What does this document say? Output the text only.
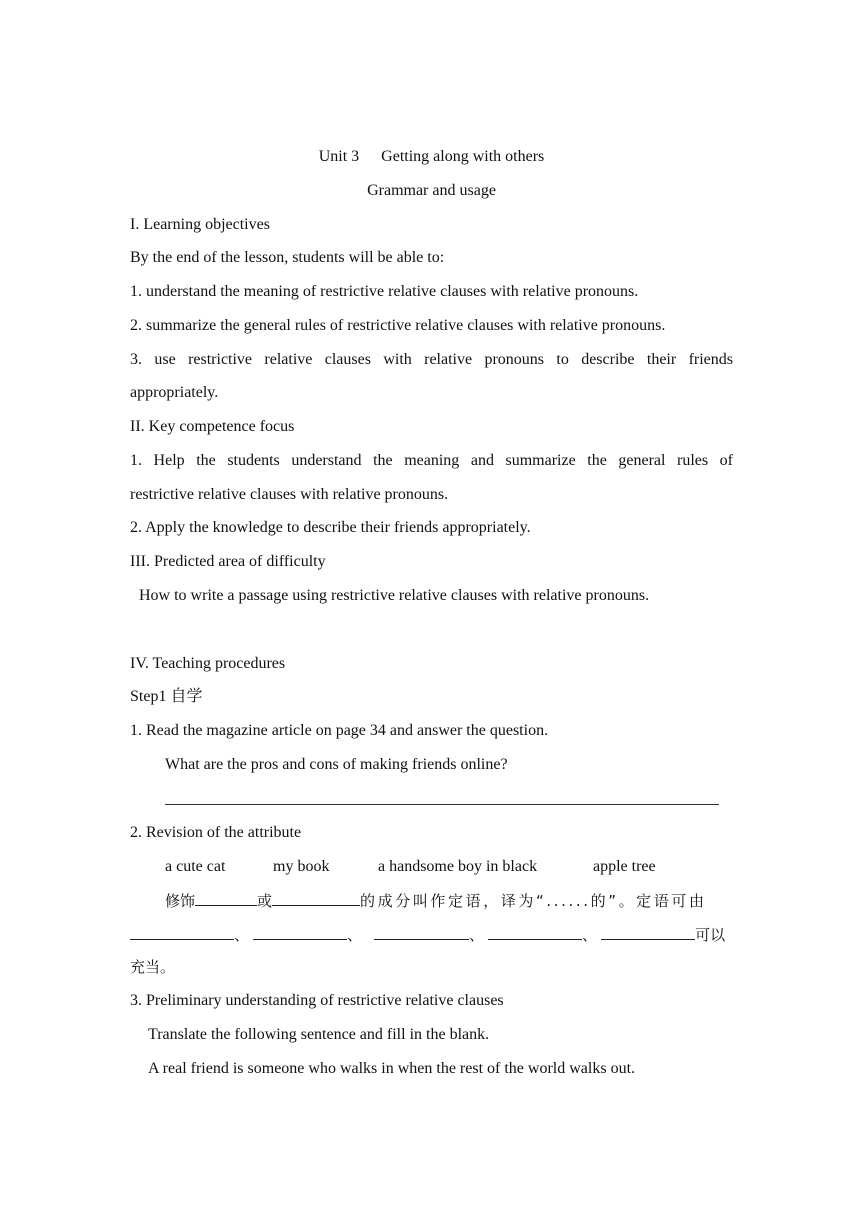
Unit 3 Getting along with others
Grammar and usage
I. Learning objectives
By the end of the lesson, students will be able to:
1. understand the meaning of restrictive relative clauses with relative pronouns.
2. summarize the general rules of restrictive relative clauses with relative pronouns.
3. use restrictive relative clauses with relative pronouns to describe their friends
appropriately.
II. Key competence focus
1. Help the students understand the meaning and summarize the general rules of
restrictive relative clauses with relative pronouns.
2. Apply the knowledge to describe their friends appropriately.
III. Predicted area of difficulty
How to write a passage using restrictive relative clauses with relative pronouns.
IV. Teaching procedures
Step1 自学
1. Read the magazine article on page 34 and answer the question.
What are the pros and cons of making friends online?
2. Revision of the attribute
a cute cat	my book	a handsome boy in black	apple tree
修饰	或	的成分叫作定语，译为“......的”。定语可由
、	、	、	、	可以
充当。
3. Preliminary understanding of restrictive relative clauses
Translate the following sentence and fill in the blank.
A real friend is someone who walks in when the rest of the world walks out.
